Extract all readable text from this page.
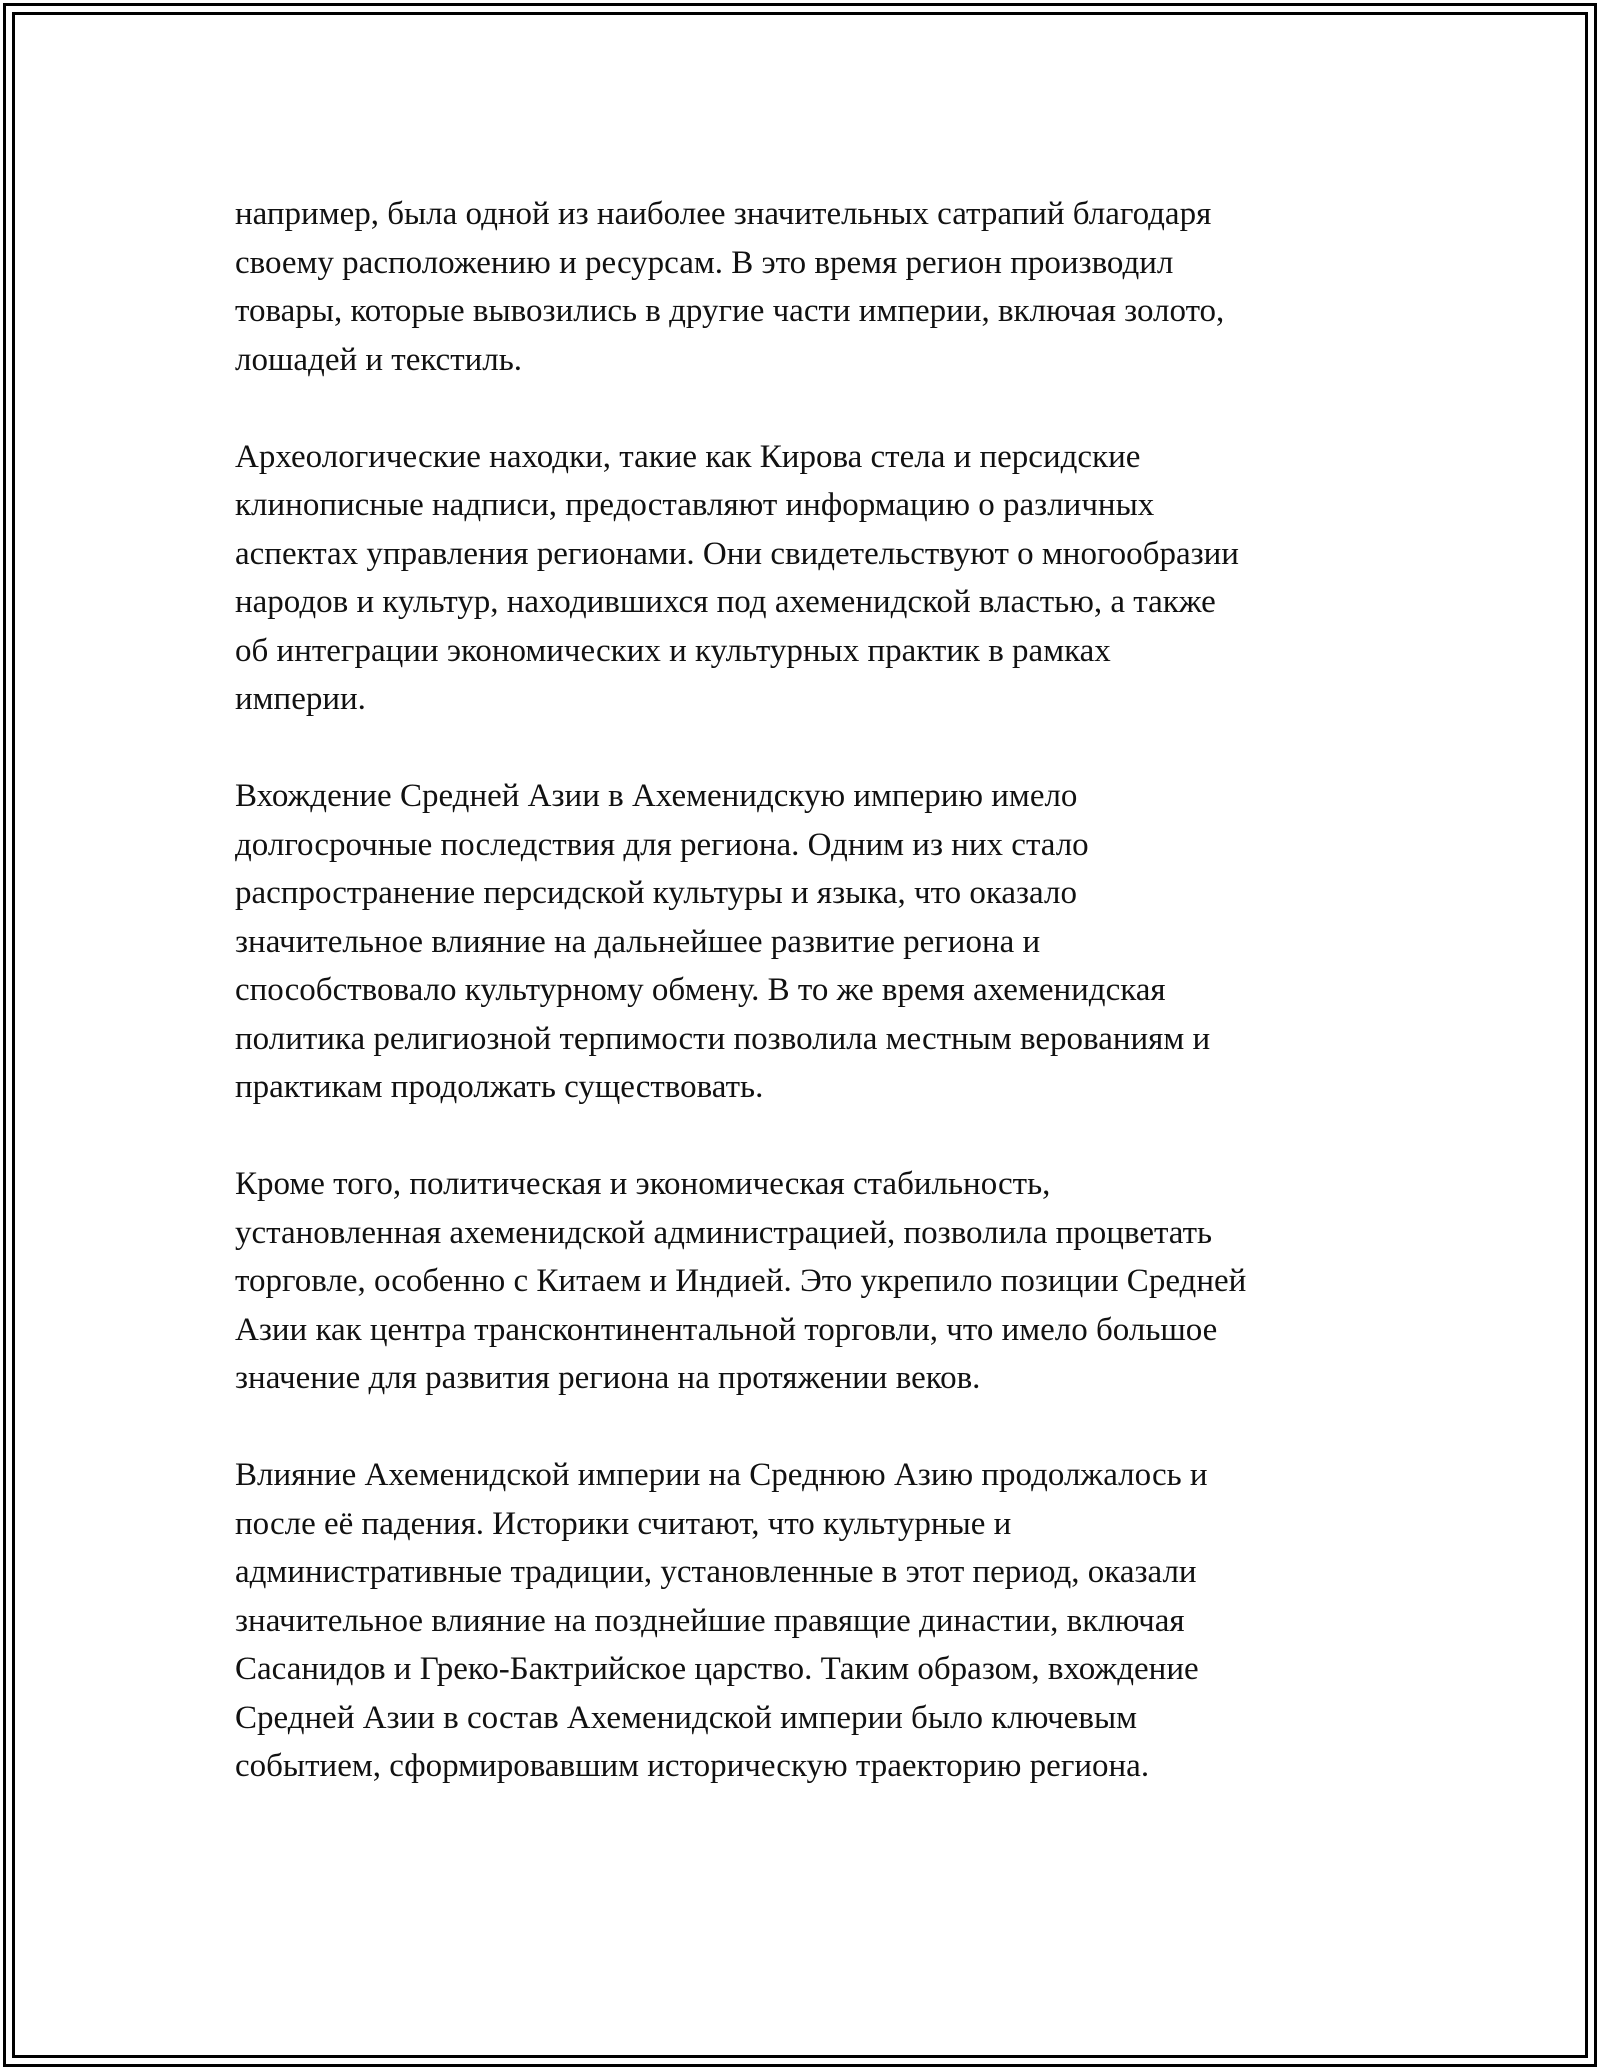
например, была одной из наиболее значительных сатрапий благодаря
своему расположению и ресурсам. В это время регион производил
товары, которые вывозились в другие части империи, включая золото,
лошадей и текстиль.

Археологические находки, такие как Кирова стела и персидские
клинописные надписи, предоставляют информацию о различных
аспектах управления регионами. Они свидетельствуют о многообразии
народов и культур, находившихся под ахеменидской властью, а также
об интеграции экономических и культурных практик в рамках
империи.

Вхождение Средней Азии в Ахеменидскую империю имело
долгосрочные последствия для региона. Одним из них стало
распространение персидской культуры и языка, что оказало
значительное влияние на дальнейшее развитие региона и
способствовало культурному обмену. В то же время ахеменидская
политика религиозной терпимости позволила местным верованиям и
практикам продолжать существовать.

Кроме того, политическая и экономическая стабильность,
установленная ахеменидской администрацией, позволила процветать
торговле, особенно с Китаем и Индией. Это укрепило позиции Средней
Азии как центра трансконтинентальной торговли, что имело большое
значение для развития региона на протяжении веков.

Влияние Ахеменидской империи на Среднюю Азию продолжалось и
после её падения. Историки считают, что культурные и
административные традиции, установленные в этот период, оказали
значительное влияние на позднейшие правящие династии, включая
Сасанидов и Греко-Бактрийское царство. Таким образом, вхождение
Средней Азии в состав Ахеменидской империи было ключевым
событием, сформировавшим историческую траекторию региона.
